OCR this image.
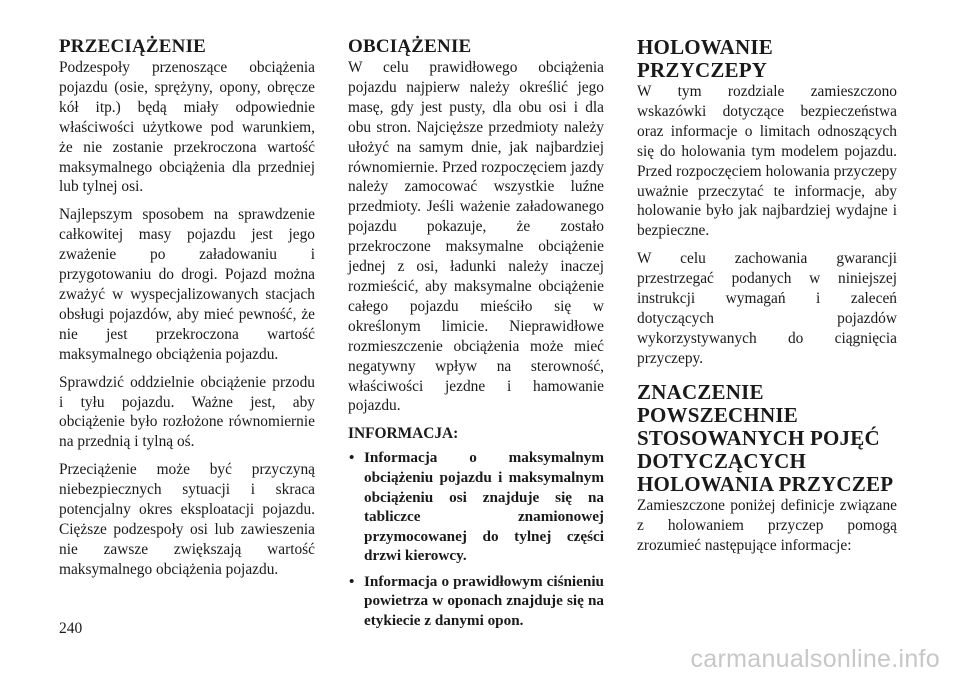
PRZECIĄŻENIE

Podzespoły przenoszące obciążenia pojazdu (osie, sprężyny, opony, obręcze kół itp.) będą miały odpowiednie właściwości użytkowe pod warunkiem, że nie zostanie przekroczona wartość maksymalnego obciążenia dla przedniej lub tylnej osi.

Najlepszym sposobem na sprawdzenie całkowitej masy pojazdu jest jego zważenie po załadowaniu i przygotowaniu do drogi. Pojazd można zważyć w wyspecjalizowanych stacjach obsługi pojazdów, aby mieć pewność, że nie jest przekroczona wartość maksymalnego obciążenia pojazdu.

Sprawdzić oddzielnie obciążenie przodu i tyłu pojazdu. Ważne jest, aby obciążenie było rozłożone równomiernie na przednią i tylną oś.

Przeciążenie może być przyczyną niebezpiecznych sytuacji i skraca potencjalny okres eksploatacji pojazdu. Cięższe podzespoły osi lub zawieszenia nie zawsze zwiększają wartość maksymalnego obciążenia pojazdu.

OBCIĄŻENIE

W celu prawidłowego obciążenia pojazdu najpierw należy określić jego masę, gdy jest pusty, dla obu osi i dla obu stron. Najcięższe przedmioty należy ułożyć na samym dnie, jak najbardziej równomiernie. Przed rozpoczęciem jazdy należy zamocować wszystkie luźne przedmioty. Jeśli ważenie załadowanego pojazdu pokazuje, że zostało przekroczone maksymalne obciążenie jednej z osi, ładunki należy inaczej rozmieścić, aby maksymalne obciążenie całego pojazdu mieściło się w określonym limicie. Nieprawidłowe rozmieszczenie obciążenia może mieć negatywny wpływ na sterowność, właściwości jezdne i hamowanie pojazdu.

INFORMACJA:
• Informacja o maksymalnym obciążeniu pojazdu i maksymalnym obciążeniu osi znajduje się na tabliczce znamionowej przymocowanej do tylnej części drzwi kierowcy.
• Informacja o prawidłowym ciśnieniu powietrza w oponach znajduje się na etykiecie z danymi opon.
HOLOWANIE PRZYCZEPY

W tym rozdziale zamieszczono wskazówki dotyczące bezpieczeństwa oraz informacje o limitach odnoszących się do holowania tym modelem pojazdu. Przed rozpoczęciem holowania przyczepy uważnie przeczytać te informacje, aby holowanie było jak najbardziej wydajne i bezpieczne.

W celu zachowania gwarancji przestrzegać podanych w niniejszej instrukcji wymagań i zaleceń dotyczących pojazdów wykorzystywanych do ciągnięcia przyczepy.

ZNACZENIE POWSZECHNIE STOSOWANYCH POJĘĆ DOTYCZĄCYCH HOLOWANIA PRZYCZEP

Zamieszczone poniżej definicje związane z holowaniem przyczep pomogą zrozumieć następujące informacje:

240
carmanualsonline.info
